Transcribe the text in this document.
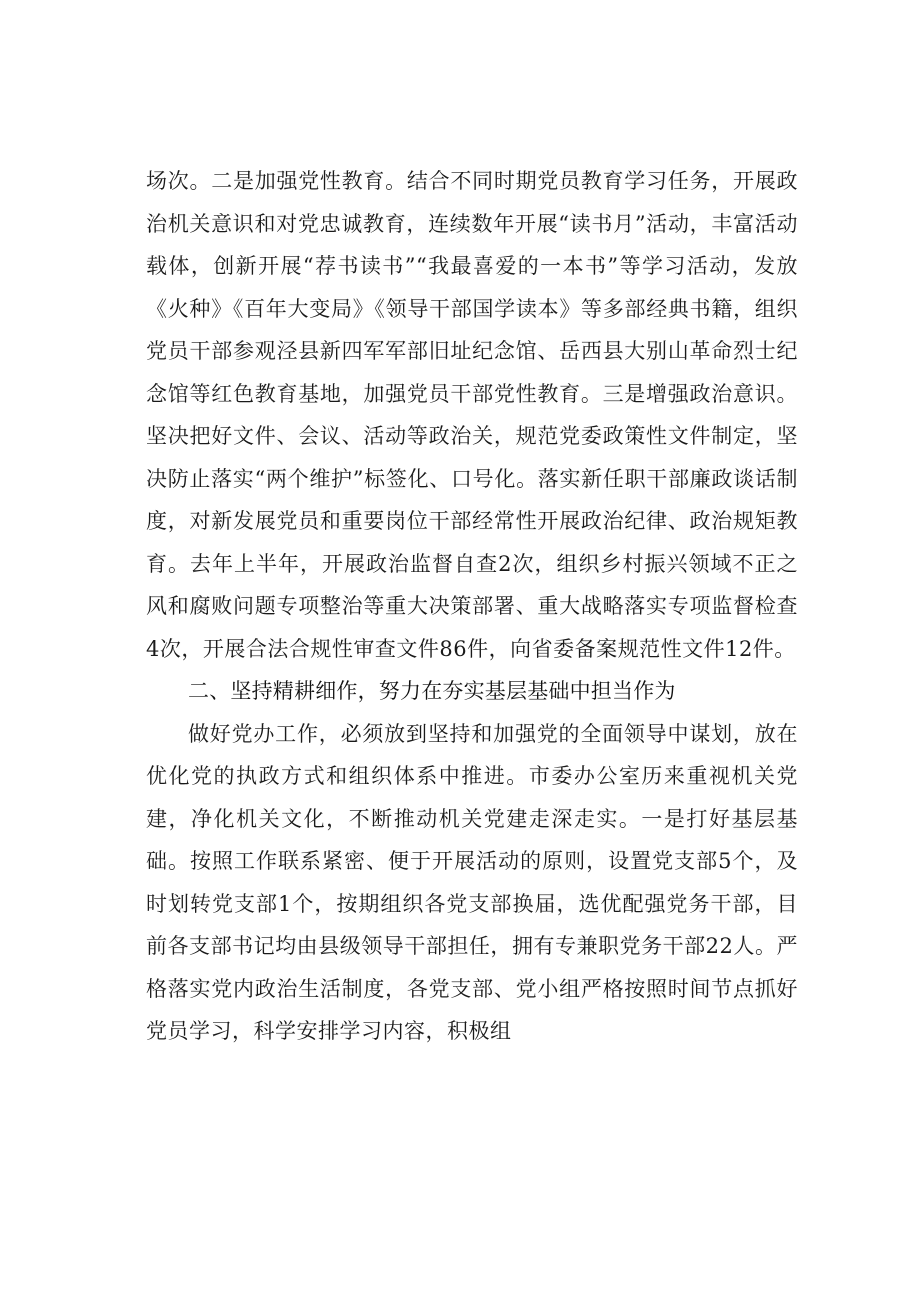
场次。二是加强党性教育。结合不同时期党员教育学习任务，开展政治机关意识和对党忠诚教育，连续数年开展“读书月”活动，丰富活动载体，创新开展“荐书读书”“我最喜爱的一本书”等学习活动，发放《火种》《百年大变局》《领导干部国学读本》等多部经典书籍，组织党员干部参观泾县新四军军部旧址纪念馆、岳西县大别山革命烈士纪念馆等红色教育基地，加强党员干部党性教育。三是增强政治意识。坚决把好文件、会议、活动等政治关，规范党委政策性文件制定，坚决防止落实“两个维护”标签化、口号化。落实新任职干部廉政谈话制度，对新发展党员和重要岗位干部经常性开展政治纪律、政治规矩教育。去年上半年，开展政治监督自查2次，组织乡村振兴领域不正之风和腐败问题专项整治等重大决策部署、重大战略落实专项监督检查4次，开展合法合规性审查文件86件，向省委备案规范性文件12件。

二、坚持精耕细作，努力在夯实基层基础中担当作为

做好党办工作，必须放到坚持和加强党的全面领导中谋划，放在优化党的执政方式和组织体系中推进。市委办公室历来重视机关党建，净化机关文化，不断推动机关党建走深走实。一是打好基层基础。按照工作联系紧密、便于开展活动的原则，设置党支部5个，及时划转党支部1个，按期组织各党支部换届，选优配强党务干部，目前各支部书记均由县级领导干部担任，拥有专兼职党务干部22人。严格落实党内政治生活制度，各党支部、党小组严格按照时间节点抓好党员学习，科学安排学习内容，积极组
